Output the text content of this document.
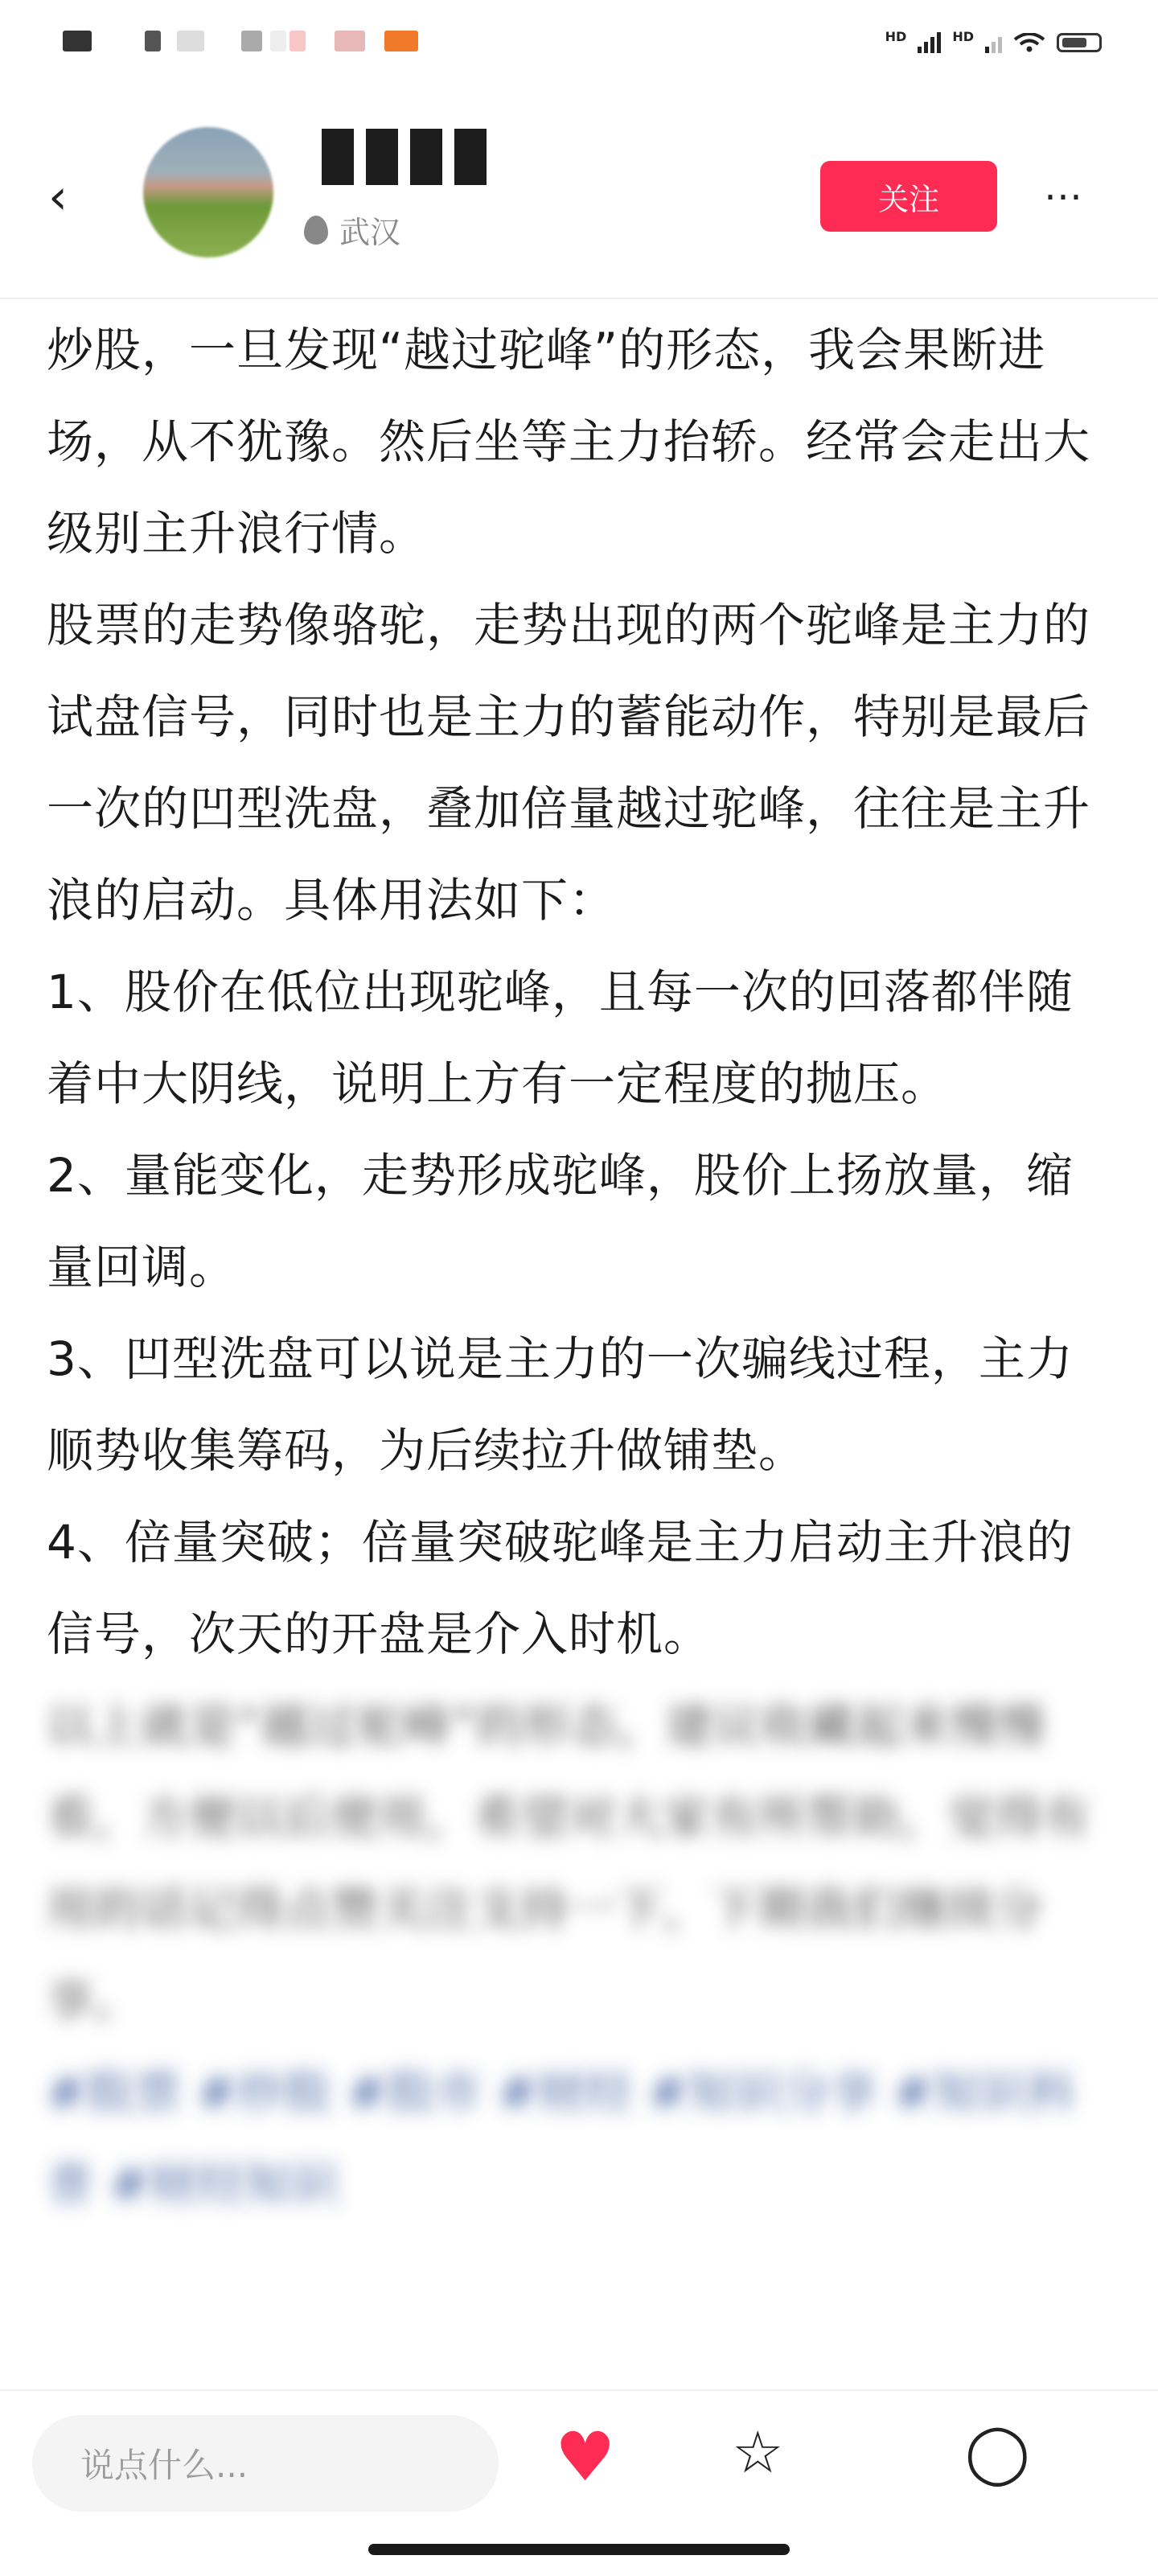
HD	HD
‹
武汉
关注	⋯

炒股，一旦发现“越过驼峰”的形态，我会果断进场，从不犹豫。然后坐等主力抬轿。经常会走出大级别主升浪行情。

股票的走势像骆驼，走势出现的两个驼峰是主力的试盘信号，同时也是主力的蓄能动作，特别是最后一次的凹型洗盘，叠加倍量越过驼峰，往往是主升浪的启动。具体用法如下：

1、股价在低位出现驼峰，且每一次的回落都伴随着中大阴线，说明上方有一定程度的抛压。

2、量能变化，走势形成驼峰，股价上扬放量，缩量回调。

3、凹型洗盘可以说是主力的一次骗线过程，主力顺势收集筹码，为后续拉升做铺垫。

4、倍量突破；倍量突破驼峰是主力启动主升浪的信号，次天的开盘是介入时机。

以上就是“越过驼峰”的形态，建议收藏起来慢慢看，方便以后使用，希望对大家有所帮助，觉得有用的话记得点赞关注支持一下，下期我们继续分享。

#股票 #炒股 #股市 #财经 #知识分享 #知识科普 #财经知识

说点什么...	♥ ☆	◯
